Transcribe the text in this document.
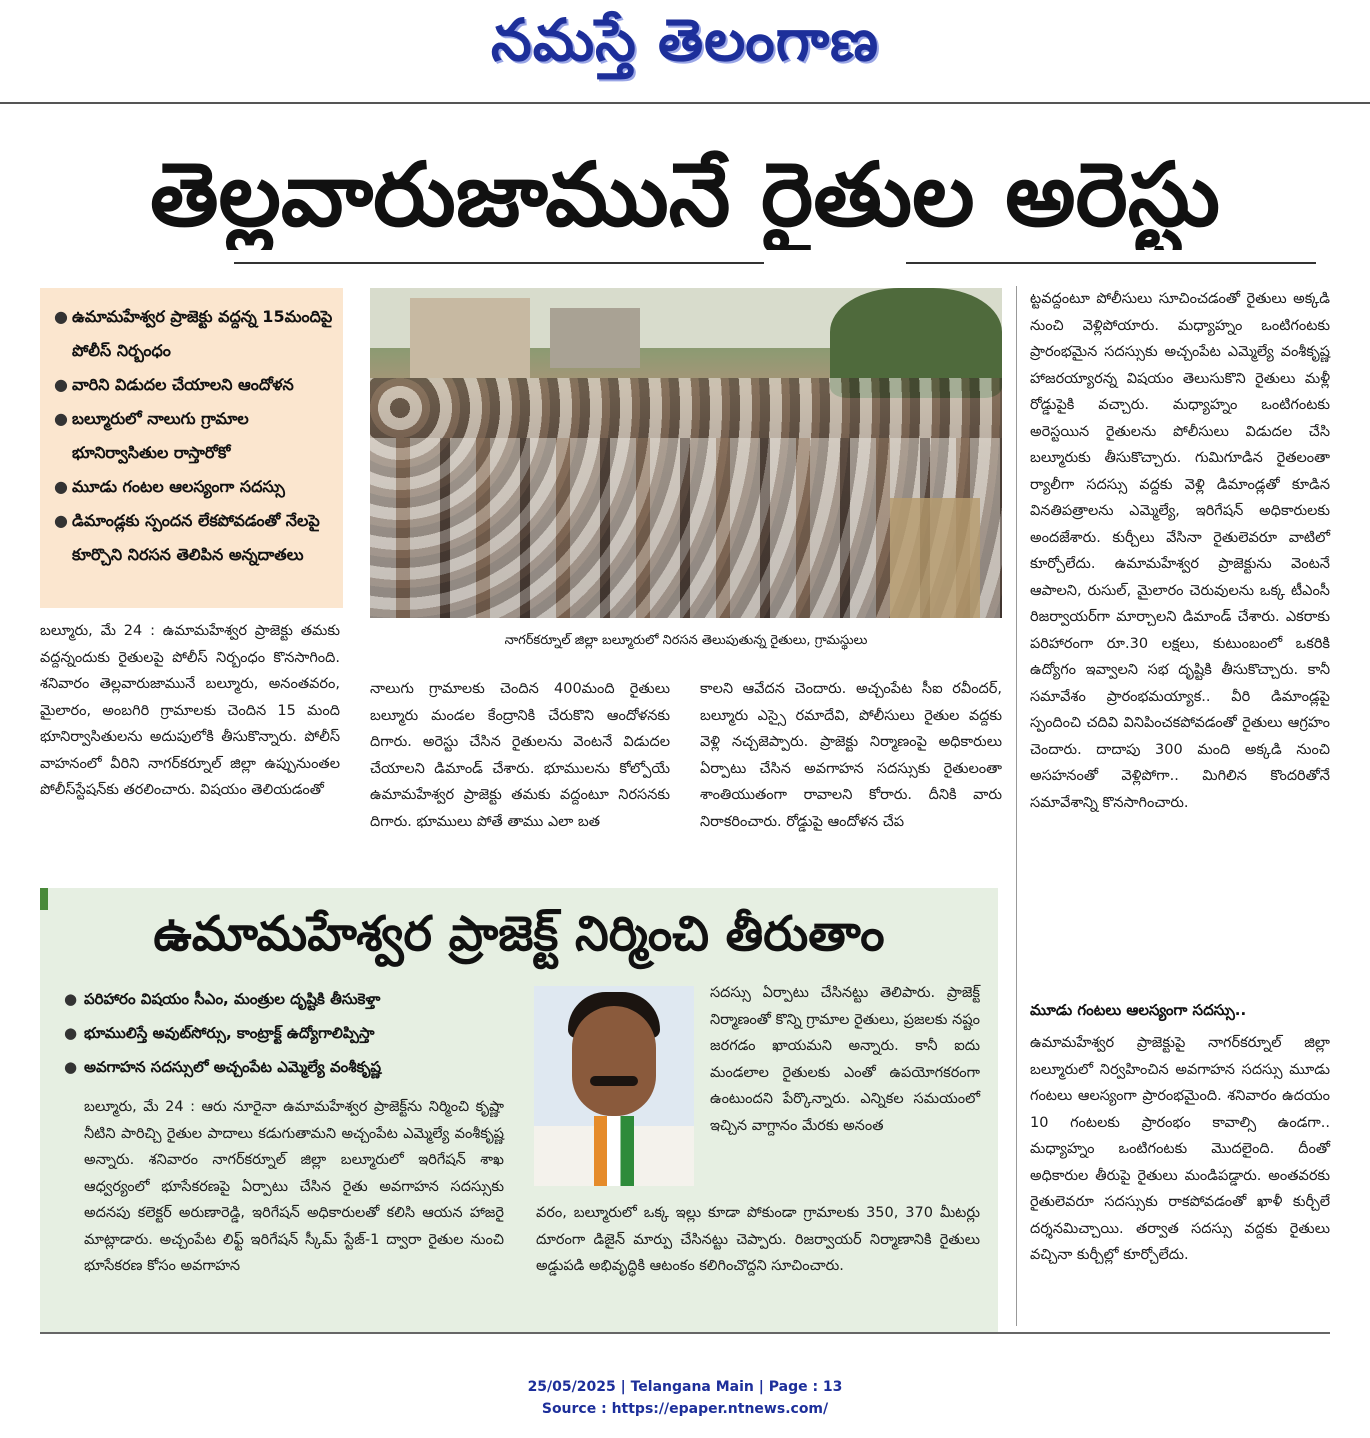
నమస్తే తెలంగాణ
తెల్లవారుజామునే రైతుల అరెస్టు
● ఉమామహేశ్వర ప్రాజెక్టు వద్దన్న 15మందిపై పోలీస్ నిర్బంధం
● వారిని విడుదల చేయాలని ఆందోళన
● బల్మూరులో నాలుగు గ్రామాల భూనిర్వాసితుల రాస్తారోకో
● మూడు గంటల ఆలస్యంగా సదస్సు
● డిమాండ్లకు స్పందన లేకపోవడంతో నేలపై కూర్చొని నిరసన తెలిపిన అన్నదాతలు
నాగర్‌కర్నూల్ జిల్లా బల్మూరులో నిరసన తెలుపుతున్న రైతులు, గ్రామస్థులు
బల్మూరు, మే 24 : ఉమామహేశ్వర ప్రాజెక్టు తమకు వద్దన్నందుకు రైతులపై పోలీస్ నిర్బంధం కొనసాగింది. శనివారం తెల్లవారుజామునే బల్మూరు, అనంతవరం, మైలారం, అంబగిరి గ్రామాలకు చెందిన 15 మంది భూనిర్వాసితులను అదుపులోకి తీసుకొన్నారు. పోలీస్ వాహనంలో వీరిని నాగర్‌కర్నూల్ జిల్లా ఉప్పునుంతల పోలీస్‌స్టేషన్‌కు తరలించారు. విషయం తెలియడంతో
నాలుగు గ్రామాలకు చెందిన 400మంది రైతులు బల్మూరు మండల కేంద్రానికి చేరుకొని ఆందోళనకు దిగారు. అరెస్టు చేసిన రైతులను వెంటనే విడుదల చేయాలని డిమాండ్ చేశారు. భూములను కోల్పోయే ఉమామహేశ్వర ప్రాజెక్టు తమకు వద్దంటూ నిరసనకు దిగారు. భూములు పోతే తాము ఎలా బత
కాలని ఆవేదన చెందారు. అచ్చంపేట సీఐ రవీందర్, బల్మూరు ఎస్సై రమాదేవి, పోలీసులు రైతుల వద్దకు వెళ్లి నచ్చజెప్పారు. ప్రాజెక్టు నిర్మాణంపై అధికారులు ఏర్పాటు చేసిన అవగాహన సదస్సుకు రైతులంతా శాంతియుతంగా రావాలని కోరారు. దీనికి వారు నిరాకరించారు. రోడ్డుపై ఆందోళన చేప
ట్టవద్దంటూ పోలీసులు సూచించడంతో రైతులు అక్కడి నుంచి వెళ్లిపోయారు. మధ్యాహ్నం ఒంటిగంటకు ప్రారంభమైన సదస్సుకు అచ్చంపేట ఎమ్మెల్యే వంశీకృష్ణ హాజరయ్యారన్న విషయం తెలుసుకొని రైతులు మళ్లీ రోడ్డుపైకి వచ్చారు. మధ్యాహ్నం ఒంటిగంటకు అరెస్టయిన రైతులను పోలీసులు విడుదల చేసి బల్మూరుకు తీసుకొచ్చారు. గుమిగూడిన రైతలంతా ర్యాలీగా సదస్సు వద్దకు వెళ్లి డిమాండ్లతో కూడిన వినతిపత్రాలను ఎమ్మెల్యే, ఇరిగేషన్ అధికారులకు అందజేశారు. కుర్చీలు వేసినా రైతులెవరూ వాటిలో కూర్చోలేదు. ఉమామహేశ్వర ప్రాజెక్టును వెంటనే ఆపాలని, రుసుల్, మైలారం చెరువులను ఒక్క టీఎంసీ రిజర్వాయర్‌గా మార్చాలని డిమాండ్ చేశారు. ఎకరాకు పరిహారంగా రూ.30 లక్షలు, కుటుంబంలో ఒకరికి ఉద్యోగం ఇవ్వాలని సభ దృష్టికి తీసుకొచ్చారు. కానీ సమావేశం ప్రారంభమయ్యాక.. వీరి డిమాండ్లపై స్పందించి చదివి వినిపించకపోవడంతో రైతులు ఆగ్రహం చెందారు. దాదాపు 300 మంది అక్కడి నుంచి అసహనంతో వెళ్లిపోగా.. మిగిలిన కొందరితోనే సమావేశాన్ని కొనసాగించారు.
మూడు గంటలు ఆలస్యంగా సదస్సు..
ఉమామహేశ్వర ప్రాజెక్టుపై నాగర్‌కర్నూల్ జిల్లా బల్మూరులో నిర్వహించిన అవగాహన సదస్సు మూడు గంటలు ఆలస్యంగా ప్రారంభమైంది. శనివారం ఉదయం 10 గంటలకు ప్రారంభం కావాల్సి ఉండగా.. మధ్యాహ్నం ఒంటిగంటకు మొదలైంది. దీంతో అధికారుల తీరుపై రైతులు మండిపడ్డారు. అంతవరకు రైతులెవరూ సదస్సుకు రాకపోవడంతో ఖాళీ కుర్చీలే దర్శనమిచ్చాయి. తర్వాత సదస్సు వద్దకు రైతులు వచ్చినా కుర్చీల్లో కూర్చోలేదు.
ఉమామహేశ్వర ప్రాజెక్ట్ నిర్మించి తీరుతాం
● పరిహారం విషయం సీఎం, మంత్రుల దృష్టికి తీసుకెళ్తా
● భూములిస్తే అవుట్‌సోర్సు, కాంట్రాక్ట్ ఉద్యోగాలిప్పిస్తా
● అవగాహన సదస్సులో అచ్చంపేట ఎమ్మెల్యే వంశీకృష్ణ
బల్మూరు, మే 24 : ఆరు నూరైనా ఉమామహేశ్వర ప్రాజెక్ట్‌ను నిర్మించి కృష్ణా నీటిని పారిచ్చి రైతుల పాదాలు కడుగుతామని అచ్చంపేట ఎమ్మెల్యే వంశీకృష్ణ అన్నారు. శనివారం నాగర్‌కర్నూల్ జిల్లా బల్మూరులో ఇరిగేషన్ శాఖ ఆధ్వర్యంలో భూసేకరణపై ఏర్పాటు చేసిన రైతు అవగాహన సదస్సుకు అదనపు కలెక్టర్ అరుణారెడ్డి, ఇరిగేషన్ అధికారులతో కలిసి ఆయన హాజరై మాట్లాడారు. అచ్చంపేట లిఫ్ట్ ఇరిగేషన్ స్కీమ్ స్టేజ్-1 ద్వారా రైతుల నుంచి భూసేకరణ కోసం అవగాహన
సదస్సు ఏర్పాటు చేసినట్టు తెలిపారు. ప్రాజెక్ట్ నిర్మాణంతో కొన్ని గ్రామాల రైతులు, ప్రజలకు నష్టం జరగడం ఖాయమని అన్నారు. కానీ ఐదు మండలాల రైతులకు ఎంతో ఉపయోగకరంగా ఉంటుందని పేర్కొన్నారు. ఎన్నికల సమయంలో ఇచ్చిన వాగ్దానం మేరకు అనంత
వరం, బల్మూరులో ఒక్క ఇల్లు కూడా పోకుండా గ్రామాలకు 350, 370 మీటర్లు దూరంగా డిజైన్ మార్పు చేసినట్టు చెప్పారు. రిజర్వాయర్ నిర్మాణానికి రైతులు అడ్డుపడి అభివృద్ధికి ఆటంకం కలిగించొద్దని సూచించారు.
25/05/2025 | Telangana Main | Page : 13
Source : https://epaper.ntnews.com/
